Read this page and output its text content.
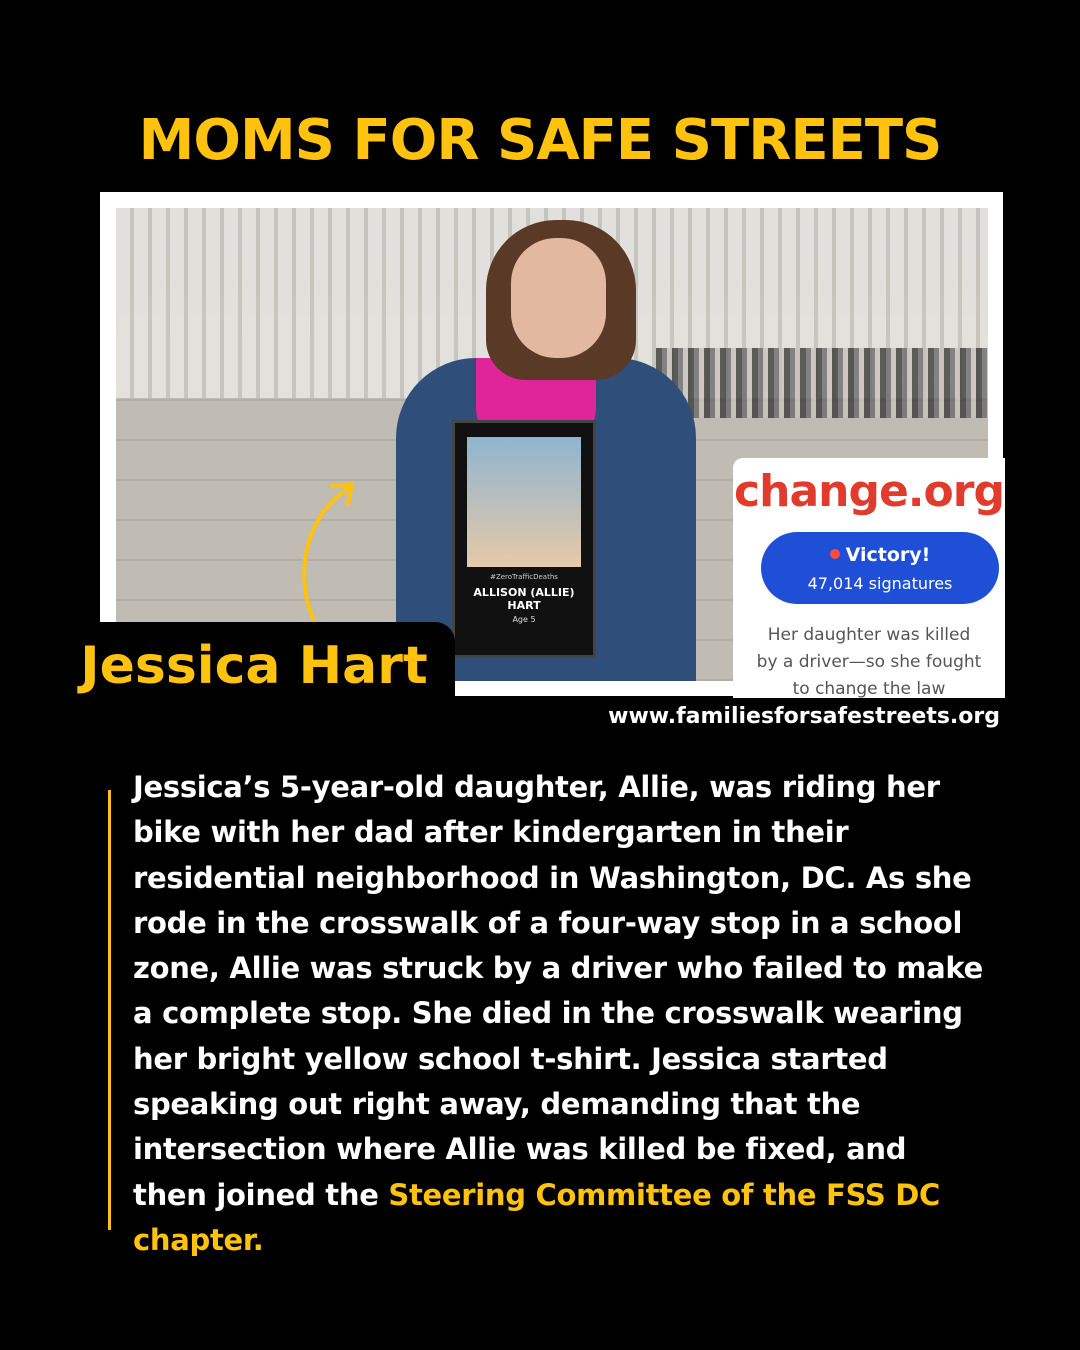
MOMS FOR SAFE STREETS
#ZeroTrafficDeaths
ALLISON (ALLIE) HART
Age 5
change.org
Victory!
47,014 signatures
Her daughter was killed
by a driver—so she fought
to change the law
Jessica Hart
www.familiesforsafestreets.org
Jessica’s 5-year-old daughter, Allie, was riding her bike with her dad after kindergarten in their residential neighborhood in Washington, DC. As she rode in the crosswalk of a four-way stop in a school zone, Allie was struck by a driver who failed to make a complete stop. She died in the crosswalk wearing her bright yellow school t-shirt. Jessica started speaking out right away, demanding that the intersection where Allie was killed be fixed, and then joined the Steering Committee of the FSS DC chapter.
